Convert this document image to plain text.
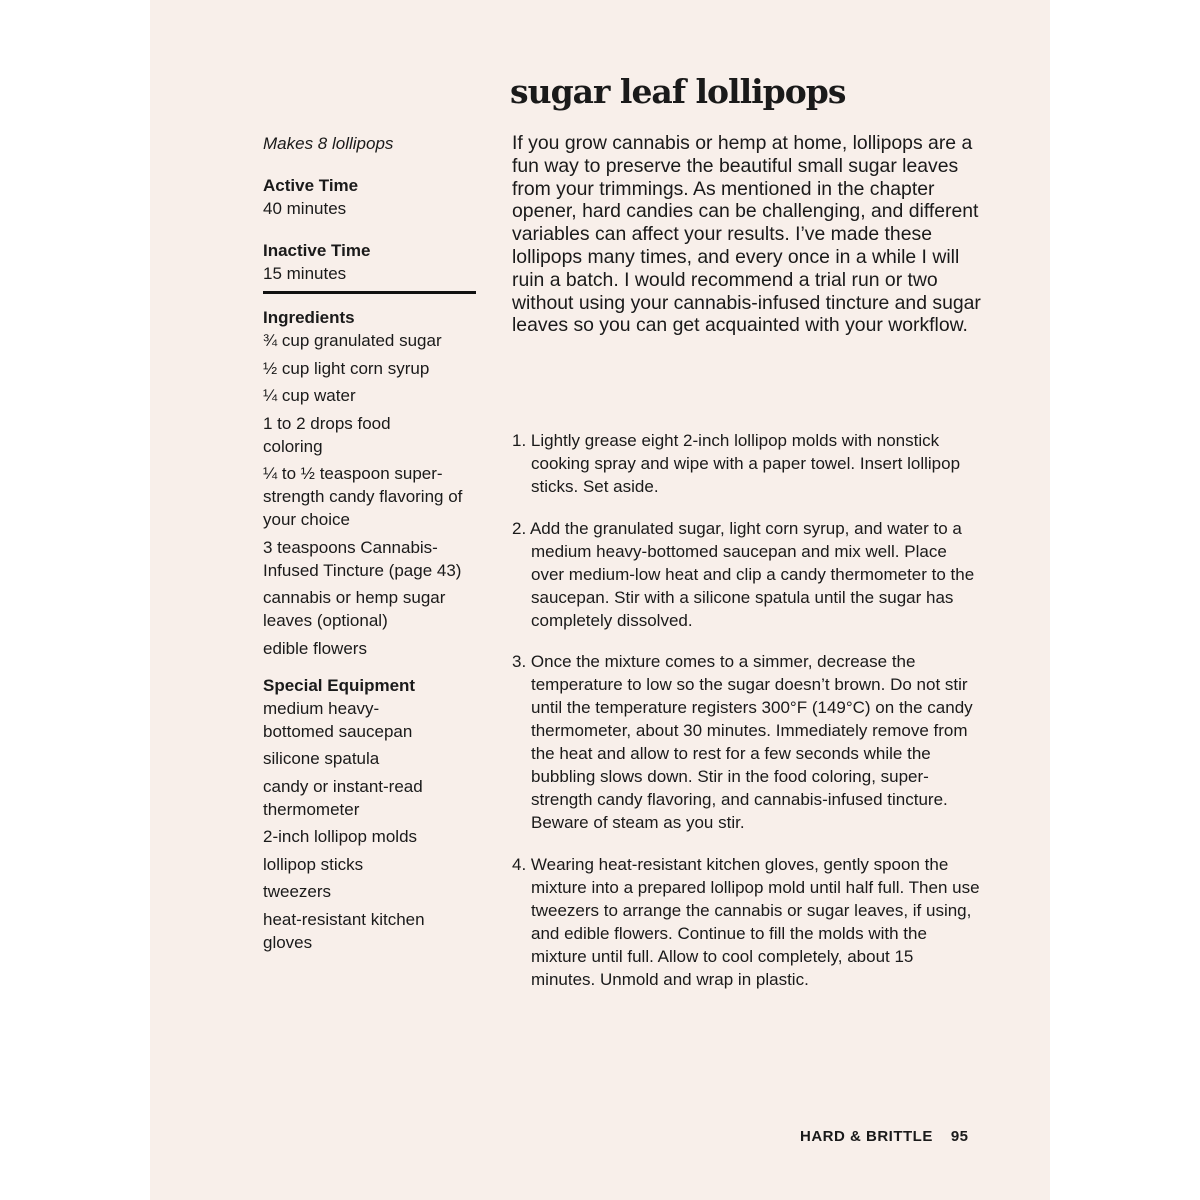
sugar leaf lollipops

Makes 8 lollipops

Active Time

40 minutes

Inactive Time

15 minutes

Ingredients

¾ cup granulated sugar
½ cup light corn syrup
¼ cup water
1 to 2 drops food coloring
¼ to ½ teaspoon super-strength candy flavoring of your choice
3 teaspoons Cannabis-Infused Tincture (page 43)
cannabis or hemp sugar leaves (optional)
edible flowers

Special Equipment

medium heavy-bottomed saucepan
silicone spatula
candy or instant-read thermometer
2-inch lollipop molds
lollipop sticks
tweezers
heat-resistant kitchen gloves

If you grow cannabis or hemp at home, lollipops are a fun way to preserve the beautiful small sugar leaves from your trimmings. As mentioned in the chapter opener, hard candies can be challenging, and different variables can affect your results. I’ve made these lollipops many times, and every once in a while I will ruin a batch. I would recommend a trial run or two without using your cannabis-infused tincture and sugar leaves so you can get acquainted with your workflow.

1. Lightly grease eight 2-inch lollipop molds with nonstick cooking spray and wipe with a paper towel. Insert lollipop sticks. Set aside.
2. Add the granulated sugar, light corn syrup, and water to a medium heavy-bottomed saucepan and mix well. Place over medium-low heat and clip a candy thermometer to the saucepan. Stir with a silicone spatula until the sugar has completely dissolved.
3. Once the mixture comes to a simmer, decrease the temperature to low so the sugar doesn’t brown. Do not stir until the temperature registers 300°F (149°C) on the candy thermometer, about 30 minutes. Immediately remove from the heat and allow to rest for a few seconds while the bubbling slows down. Stir in the food coloring, super-strength candy flavoring, and cannabis-infused tincture. Beware of steam as you stir.
4. Wearing heat-resistant kitchen gloves, gently spoon the mixture into a prepared lollipop mold until half full. Then use tweezers to arrange the cannabis or sugar leaves, if using, and edible flowers. Continue to fill the molds with the mixture until full. Allow to cool completely, about 15 minutes. Unmold and wrap in plastic.
HARD & BRITTLE 95
